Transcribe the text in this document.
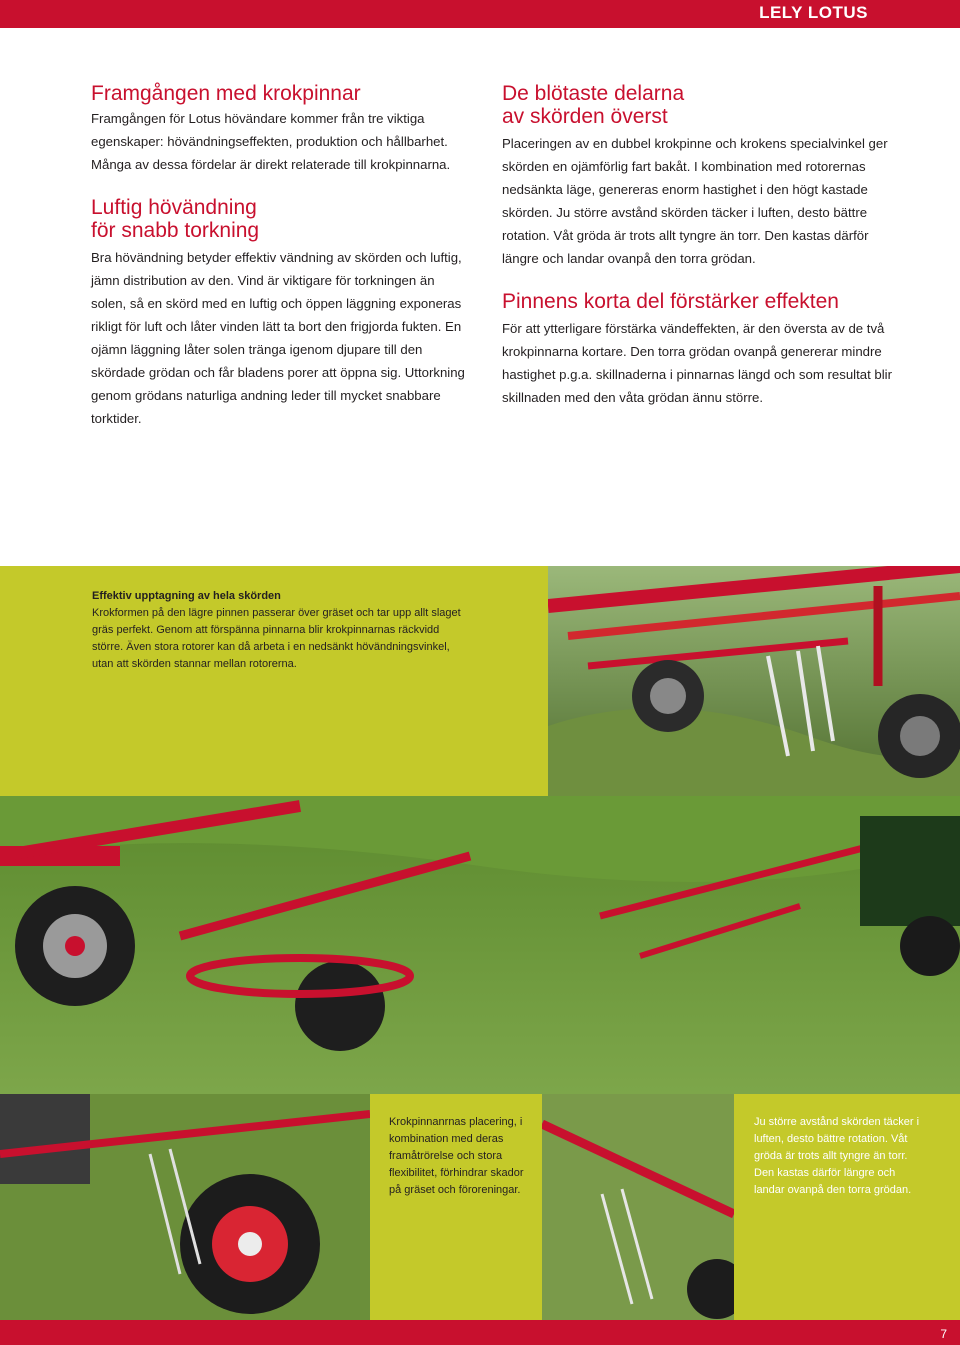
LELY LOTUS
Framgången med krokpinnar

Framgången för Lotus hövändare kommer från tre viktiga egenskaper: hövändningseffekten, produktion och hållbarhet. Många av dessa fördelar är direkt relaterade till krokpinnarna.

Luftig hövändning
för snabb torkning

Bra hövändning betyder effektiv vändning av skörden och luftig, jämn distribution av den. Vind är viktigare för torkningen än solen, så en skörd med en luftig och öppen läggning exponeras rikligt för luft och låter vinden lätt ta bort den frigjorda fukten. En ojämn läggning låter solen tränga igenom djupare till den skördade grödan och får bladens porer att öppna sig. Uttorkning genom grödans naturliga andning leder till mycket snabbare torktider.

De blötaste delarna
av skörden överst

Placeringen av en dubbel krokpinne och krokens specialvinkel ger skörden en ojämförlig fart bakåt. I kombination med rotorernas nedsänkta läge, genereras enorm hastighet i den högt kastade skörden. Ju större avstånd skörden täcker i luften, desto bättre rotation. Våt gröda är trots allt tyngre än torr. Den kastas därför längre och landar ovanpå den torra grödan.

Pinnens korta del förstärker effekten

För att ytterligare förstärka vändeffekten, är den översta av de två krokpinnarna kortare. Den torra grödan ovanpå genererar mindre hastighet p.g.a. skillnaderna i pinnarnas längd och som resultat blir skillnaden med den våta grödan ännu större.

Effektiv upptagning av hela skörden
Krokformen på den lägre pinnen passerar över gräset och tar upp allt slaget gräs perfekt. Genom att förspänna pinnarna blir krokpinnarnas räckvidd större. Även stora rotorer kan då arbeta i en nedsänkt hövändningsvinkel, utan att skörden stannar mellan rotorerna.
Krokpinnanrnas placering, i kombination med deras framåtrörelse och stora flexibilitet, förhindrar skador på gräset och föroreningar.
Ju större avstånd skörden täcker i luften, desto bättre rotation. Våt gröda är trots allt tyngre än torr. Den kastas därför längre och landar ovanpå den torra grödan.
7
